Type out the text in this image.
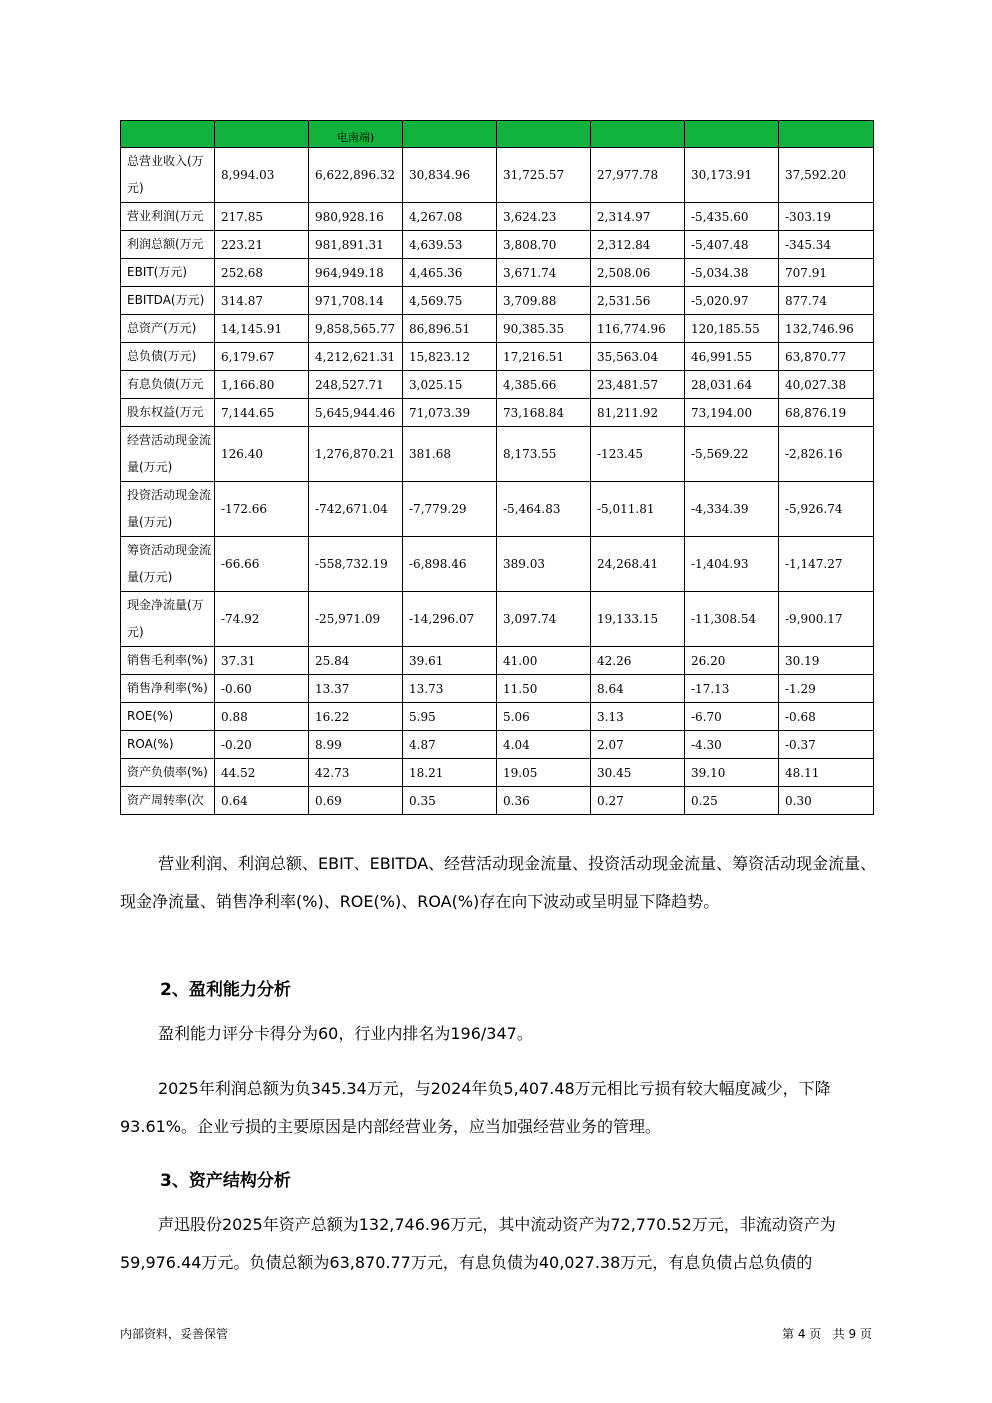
		电南端)					

总营业收入(万元)	8,994.03	6,622,896.32	30,834.96	31,725.57	27,977.78	30,173.91	37,592.20
营业利润(万元	217.85	980,928.16	4,267.08	3,624.23	2,314.97	-5,435.60	-303.19
利润总额(万元	223.21	981,891.31	4,639.53	3,808.70	2,312.84	-5,407.48	-345.34
EBIT(万元)	252.68	964,949.18	4,465.36	3,671.74	2,508.06	-5,034.38	707.91
EBITDA(万元)	314.87	971,708.14	4,569.75	3,709.88	2,531.56	-5,020.97	877.74
总资产(万元)	14,145.91	9,858,565.77	86,896.51	90,385.35	116,774.96	120,185.55	132,746.96
总负债(万元)	6,179.67	4,212,621.31	15,823.12	17,216.51	35,563.04	46,991.55	63,870.77
有息负债(万元	1,166.80	248,527.71	3,025.15	4,385.66	23,481.57	28,031.64	40,027.38
股东权益(万元	7,144.65	5,645,944.46	71,073.39	73,168.84	81,211.92	73,194.00	68,876.19
经营活动现金流量(万元)	126.40	1,276,870.21	381.68	8,173.55	-123.45	-5,569.22	-2,826.16
投资活动现金流量(万元)	-172.66	-742,671.04	-7,779.29	-5,464.83	-5,011.81	-4,334.39	-5,926.74
筹资活动现金流量(万元)	-66.66	-558,732.19	-6,898.46	389.03	24,268.41	-1,404.93	-1,147.27
现金净流量(万元)	-74.92	-25,971.09	-14,296.07	3,097.74	19,133.15	-11,308.54	-9,900.17
销售毛利率(%)	37.31	25.84	39.61	41.00	42.26	26.20	30.19
销售净利率(%)	-0.60	13.37	13.73	11.50	8.64	-17.13	-1.29
ROE(%)	0.88	16.22	5.95	5.06	3.13	-6.70	-0.68
ROA(%)	-0.20	8.99	4.87	4.04	2.07	-4.30	-0.37
资产负债率(%)	44.52	42.73	18.21	19.05	30.45	39.10	48.11
资产周转率(次	0.64	0.69	0.35	0.36	0.27	0.25	0.30

营业利润、利润总额、EBIT、EBITDA、经营活动现金流量、投资活动现金流量、筹资活动现金流量、现金净流量、销售净利率(%)、ROE(%)、ROA(%)存在向下波动或呈明显下降趋势。

2、盈利能力分析

盈利能力评分卡得分为60，行业内排名为196/347。

2025年利润总额为负345.34万元，与2024年负5,407.48万元相比亏损有较大幅度减少，下降93.61%。企业亏损的主要原因是内部经营业务，应当加强经营业务的管理。

3、资产结构分析

声迅股份2025年资产总额为132,746.96万元，其中流动资产为72,770.52万元，非流动资产为59,976.44万元。负债总额为63,870.77万元，有息负债为40,027.38万元，有息负债占总负债的

内部资料，妥善保管	第 4 页   共 9 页
